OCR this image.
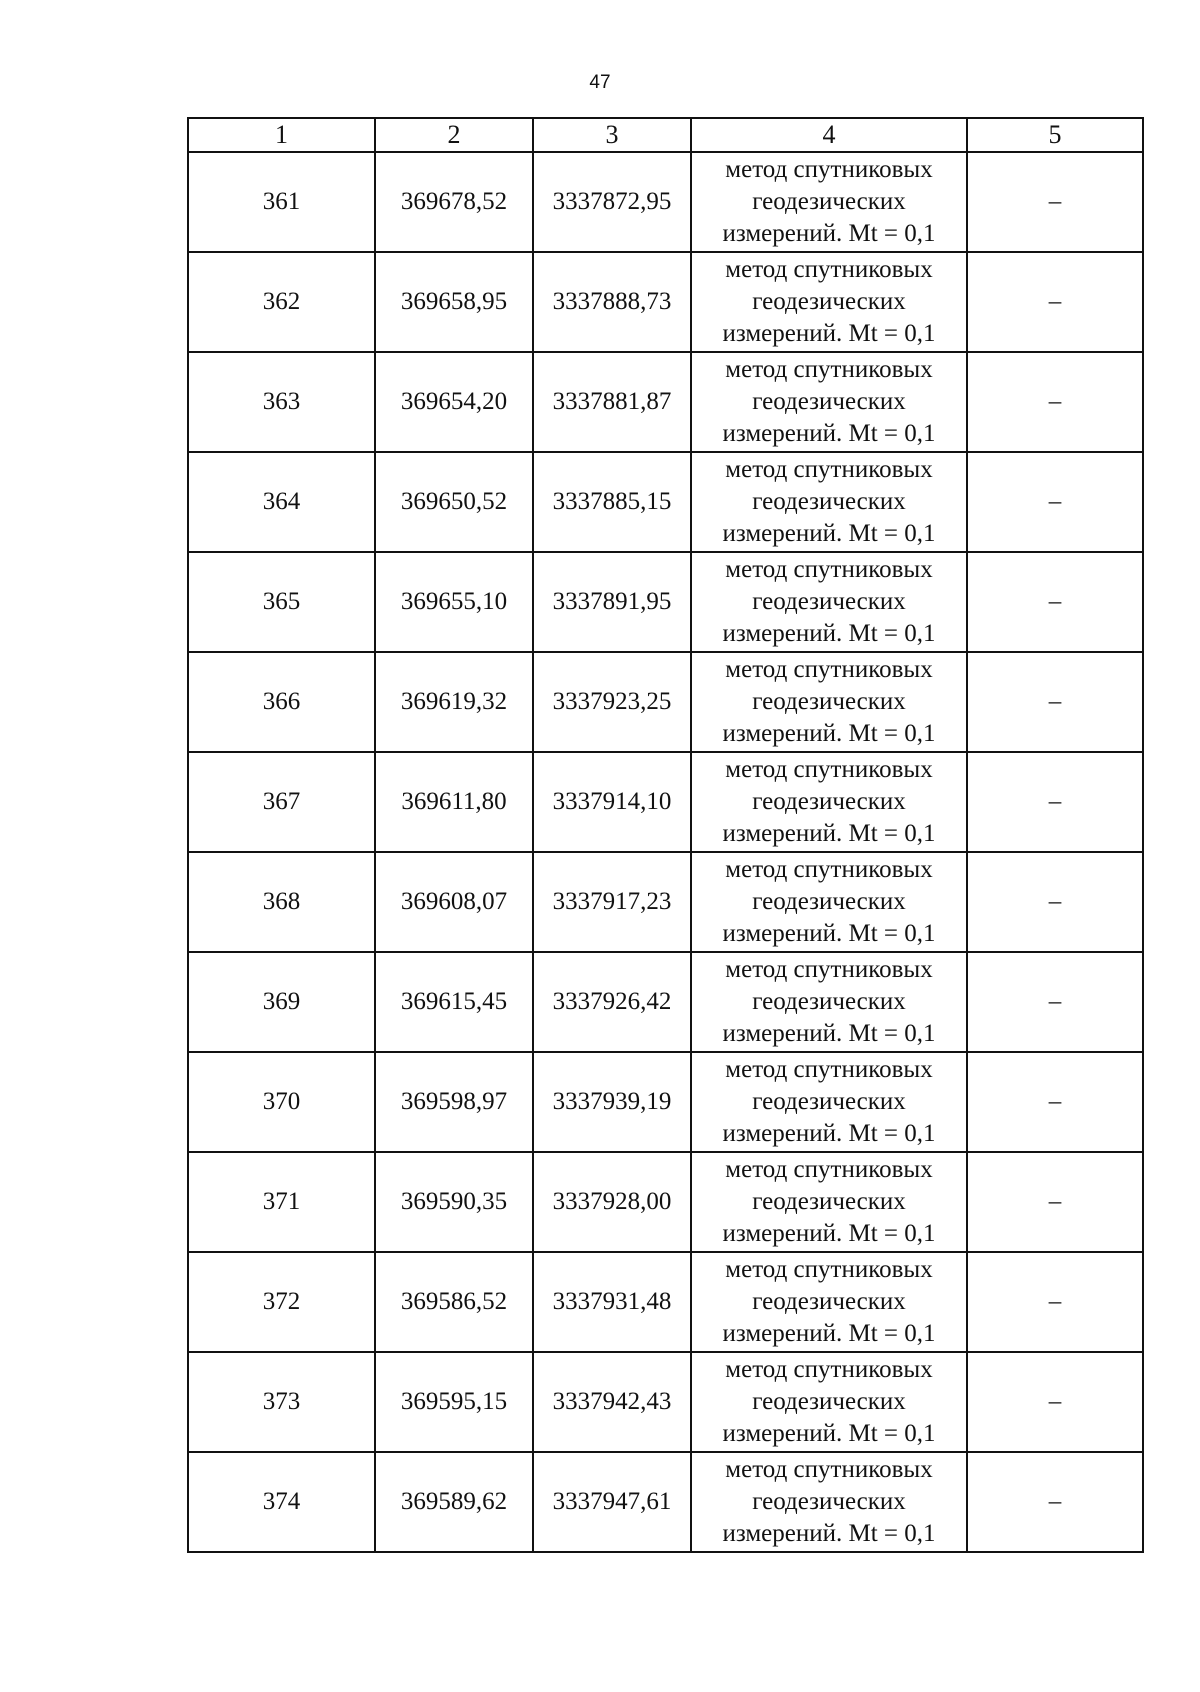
47
1	2	3	4	5
361	369678,52	3337872,95	метод спутниковых
геодезических
измерений. Mt = 0,1	–
362	369658,95	3337888,73	метод спутниковых
геодезических
измерений. Mt = 0,1	–
363	369654,20	3337881,87	метод спутниковых
геодезических
измерений. Mt = 0,1	–
364	369650,52	3337885,15	метод спутниковых
геодезических
измерений. Mt = 0,1	–
365	369655,10	3337891,95	метод спутниковых
геодезических
измерений. Mt = 0,1	–
366	369619,32	3337923,25	метод спутниковых
геодезических
измерений. Mt = 0,1	–
367	369611,80	3337914,10	метод спутниковых
геодезических
измерений. Mt = 0,1	–
368	369608,07	3337917,23	метод спутниковых
геодезических
измерений. Mt = 0,1	–
369	369615,45	3337926,42	метод спутниковых
геодезических
измерений. Mt = 0,1	–
370	369598,97	3337939,19	метод спутниковых
геодезических
измерений. Mt = 0,1	–
371	369590,35	3337928,00	метод спутниковых
геодезических
измерений. Mt = 0,1	–
372	369586,52	3337931,48	метод спутниковых
геодезических
измерений. Mt = 0,1	–
373	369595,15	3337942,43	метод спутниковых
геодезических
измерений. Mt = 0,1	–
374	369589,62	3337947,61	метод спутниковых
геодезических
измерений. Mt = 0,1	–
